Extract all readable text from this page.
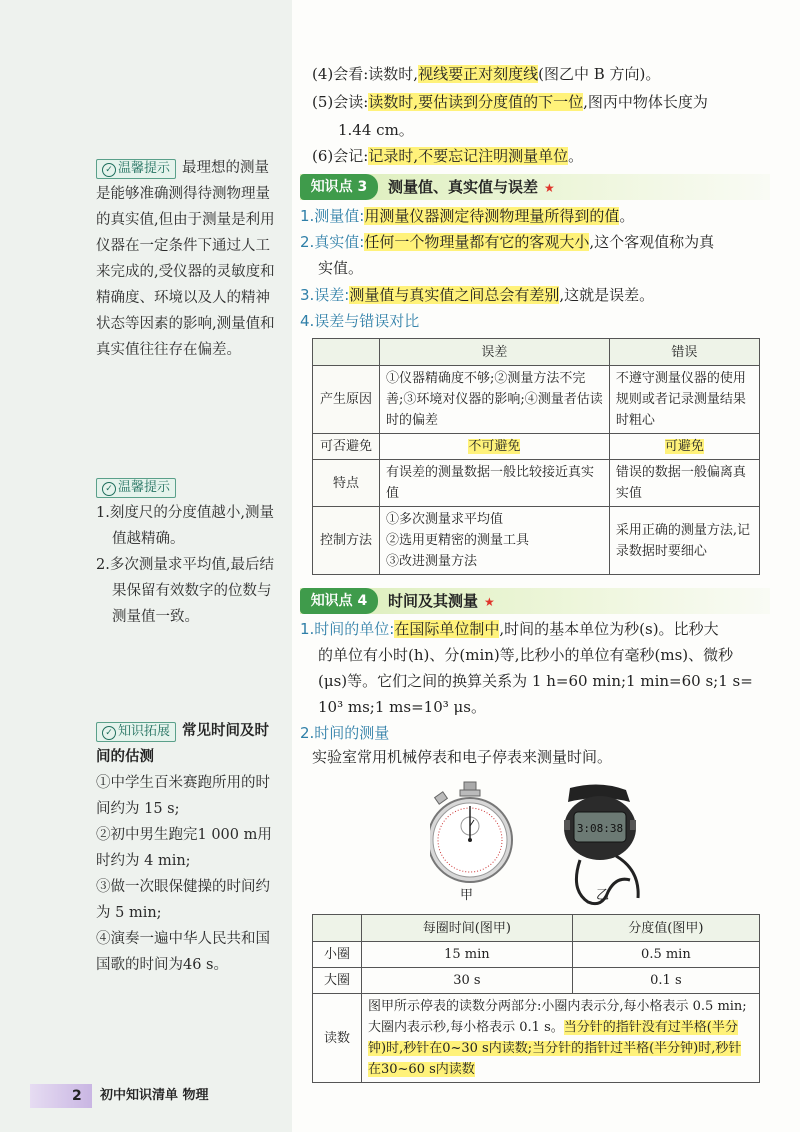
✓ 温馨提示 最理想的测量是能够准确测得待测物理量的真实值,但由于测量是利用仪器在一定条件下通过人工来完成的,受仪器的灵敏度和精确度、环境以及人的精神状态等因素的影响,测量值和真实值往往存在偏差。
✓ 温馨提示

1.刻度尺的分度值越小,测量值越精确。

2.多次测量求平均值,最后结果保留有效数字的位数与测量值一致。

✓ 知识拓展 常见时间及时间的估测
①中学生百米赛跑所用的时间约为 15 s;
②初中男生跑完1 000 m用时约为 4 min;
③做一次眼保健操的时间约为 5 min;
④演奏一遍中华人民共和国国歌的时间为46 s。
(4)会看:读数时,视线要正对刻度线(图乙中 B 方向)。
(5)会读:读数时,要估读到分度值的下一位,图丙中物体长度为
1.44 cm。
(6)会记:记录时,不要忘记注明测量单位。
知识点 3	测量值、真实值与误差 ★
1.测量值:用测量仪器测定待测物理量所得到的值。
2.真实值:任何一个物理量都有它的客观大小,这个客观值称为真
实值。
3.误差:测量值与真实值之间总会有差别,这就是误差。
4.误差与错误对比
知识点 4	时间及其测量 ★
1.时间的单位:在国际单位制中,时间的基本单位为秒(s)。比秒大
的单位有小时(h)、分(min)等,比秒小的单位有毫秒(ms)、微秒
(μs)等。它们之间的换算关系为 1 h=60 min;1 min=60 s;1 s=
10³ ms;1 ms=10³ μs。
2.时间的测量
实验室常用机械停表和电子停表来测量时间。
	误差	错误
产生原因	①仪器精确度不够;②测量方法不完善;③环境对仪器的影响;④测量者估读时的偏差	不遵守测量仪器的使用规则或者记录测量结果时粗心
可否避免	不可避免	可避免
特点	有误差的测量数据一般比较接近真实值	错误的数据一般偏离真实值
控制方法	①多次测量求平均值
②选用更精密的测量工具
③改进测量方法	采用正确的测量方法,记录数据时要细心
3:08:38
甲	乙
	每圈时间(图甲)	分度值(图甲)
小圈	15 min	0.5 min
大圈	30 s	0.1 s
读数	图甲所示停表的读数分两部分:小圈内表示分,每小格表示 0.5 min;大圈内表示秒,每小格表示 0.1 s。当分针的指针没有过半格(半分钟)时,秒针在0~30 s内读数;当分针的指针过半格(半分钟)时,秒针在30~60 s内读数	
2 初中知识清单 物理
